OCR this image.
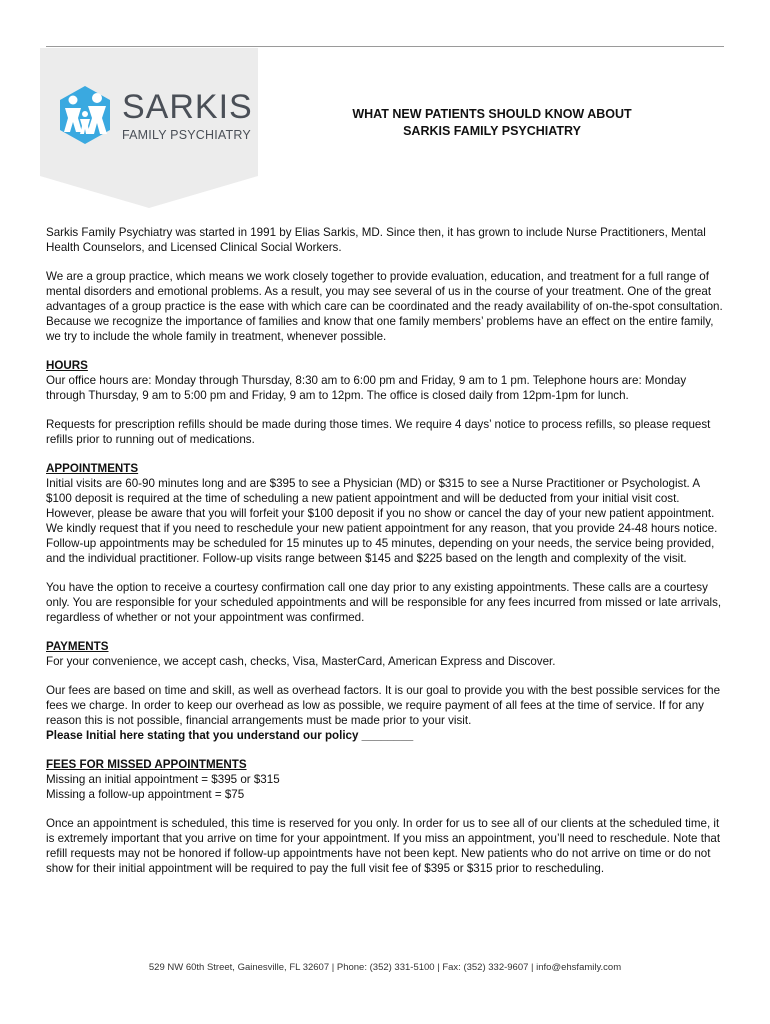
SARKIS
FAMILY PSYCHIATRY
WHAT NEW PATIENTS SHOULD KNOW ABOUT
SARKIS FAMILY PSYCHIATRY

Sarkis Family Psychiatry was started in 1991 by Elias Sarkis, MD. Since then, it has grown to include Nurse Practitioners, Mental Health Counselors, and Licensed Clinical Social Workers.

We are a group practice, which means we work closely together to provide evaluation, education, and treatment for a full range of mental disorders and emotional problems. As a result, you may see several of us in the course of your treatment. One of the great advantages of a group practice is the ease with which care can be coordinated and the ready availability of on-the-spot consultation. Because we recognize the importance of families and know that one family members’ problems have an effect on the entire family, we try to include the whole family in treatment, whenever possible.

HOURS

Our office hours are: Monday through Thursday, 8:30 am to 6:00 pm and Friday, 9 am to 1 pm. Telephone hours are: Monday through Thursday, 9 am to 5:00 pm and Friday, 9 am to 12pm. The office is closed daily from 12pm-1pm for lunch.

Requests for prescription refills should be made during those times. We require 4 days’ notice to process refills, so please request refills prior to running out of medications.

APPOINTMENTS

Initial visits are 60-90 minutes long and are $395 to see a Physician (MD) or $315 to see a Nurse Practitioner or Psychologist. A $100 deposit is required at the time of scheduling a new patient appointment and will be deducted from your initial visit cost. However, please be aware that you will forfeit your $100 deposit if you no show or cancel the day of your new patient appointment. We kindly request that if you need to reschedule your new patient appointment for any reason, that you provide 24-48 hours notice. Follow-up appointments may be scheduled for 15 minutes up to 45 minutes, depending on your needs, the service being provided, and the individual practitioner. Follow-up visits range between $145 and $225 based on the length and complexity of the visit.

You have the option to receive a courtesy confirmation call one day prior to any existing appointments. These calls are a courtesy only. You are responsible for your scheduled appointments and will be responsible for any fees incurred from missed or late arrivals, regardless of whether or not your appointment was confirmed.

PAYMENTS

For your convenience, we accept cash, checks, Visa, MasterCard, American Express and Discover.

Our fees are based on time and skill, as well as overhead factors. It is our goal to provide you with the best possible services for the fees we charge. In order to keep our overhead as low as possible, we require payment of all fees at the time of service. If for any reason this is not possible, financial arrangements must be made prior to your visit.

Please Initial here stating that you understand our policy ________

FEES FOR MISSED APPOINTMENTS
Missing an initial appointment = $395 or $315

Missing a follow-up appointment = $75

Once an appointment is scheduled, this time is reserved for you only. In order for us to see all of our clients at the scheduled time, it is extremely important that you arrive on time for your appointment. If you miss an appointment, you’ll need to reschedule. Note that refill requests may not be honored if follow-up appointments have not been kept. New patients who do not arrive on time or do not show for their initial appointment will be required to pay the full visit fee of $395 or $315 prior to rescheduling.

529 NW 60th Street, Gainesville, FL 32607 | Phone: (352) 331-5100 | Fax: (352) 332-9607 | info@ehsfamily.com
